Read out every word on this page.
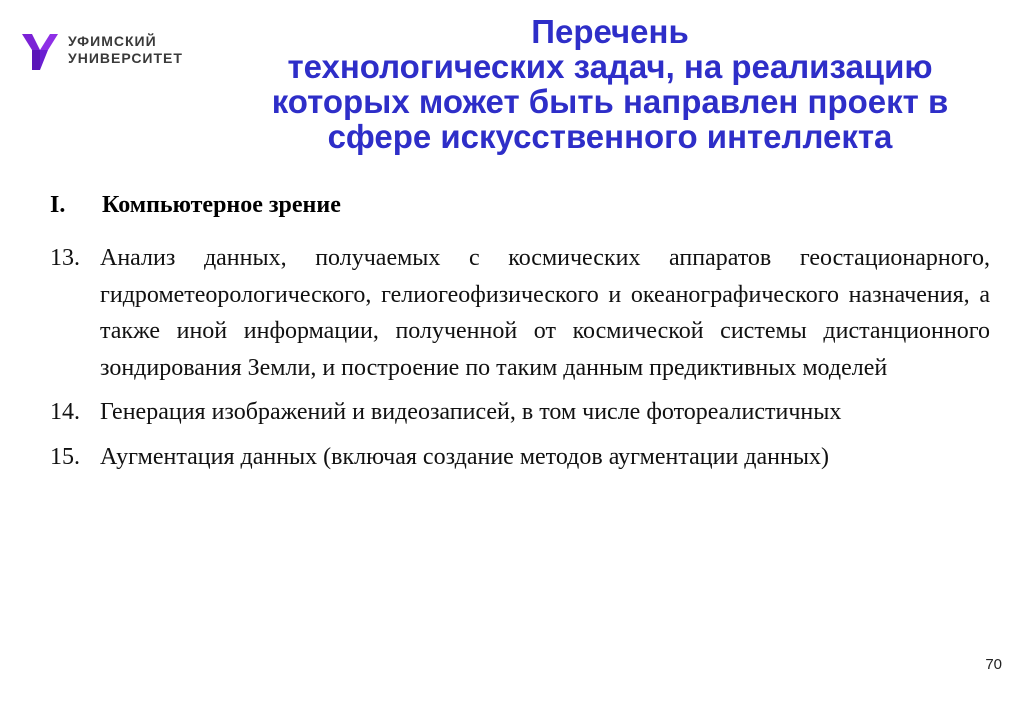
УФИМСКИЙ
УНИВЕРСИТЕТ
Перечень
технологических задач, на реализацию
которых может быть направлен проект в
сфере искусственного интеллекта
I.	Компьютерное зрение
13. Анализ данных, получаемых с космических аппаратов геостационарного, гидрометеорологического, гелиогеофизического и океанографического назначения, а также иной информации, полученной от космической системы дистанционного зондирования Земли, и построение по таким данным предиктивных моделей
14. Генерация изображений и видеозаписей, в том числе фотореалистичных
15. Аугментация данных (включая создание методов аугментации данных)
70
